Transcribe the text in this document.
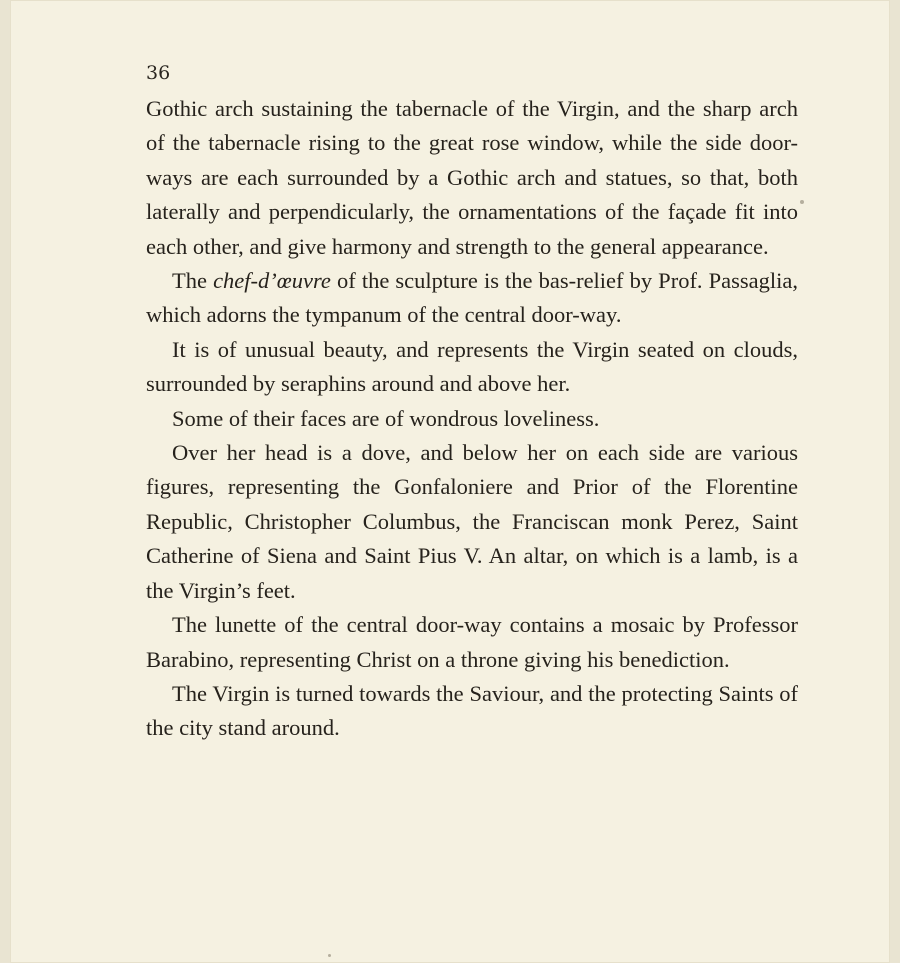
36

Gothic arch sustaining the tabernacle of the Virgin, and the sharp arch of the tabernacle rising to the great rose window, while the side door-ways are each surrounded by a Gothic arch and statues, so that, both laterally and perpendicularly, the ornamentations of the façade fit into each other, and give harmony and strength to the general appearance.

The chef-d’œuvre of the sculpture is the bas-relief by Prof. Passaglia, which adorns the tympanum of the central door-way.

It is of unusual beauty, and represents the Virgin seated on clouds, surrounded by seraphins around and above her.

Some of their faces are of wondrous loveliness.

Over her head is a dove, and below her on each side are various figures, representing the Gonfaloniere and Prior of the Florentine Republic, Christopher Columbus, the Franciscan monk Perez, Saint Catherine of Siena and Saint Pius V. An altar, on which is a lamb, is a the Virgin’s feet.

The lunette of the central door-way contains a mosaic by Professor Barabino, representing Christ on a throne giving his benediction.

The Virgin is turned towards the Saviour, and the protecting Saints of the city stand around.
